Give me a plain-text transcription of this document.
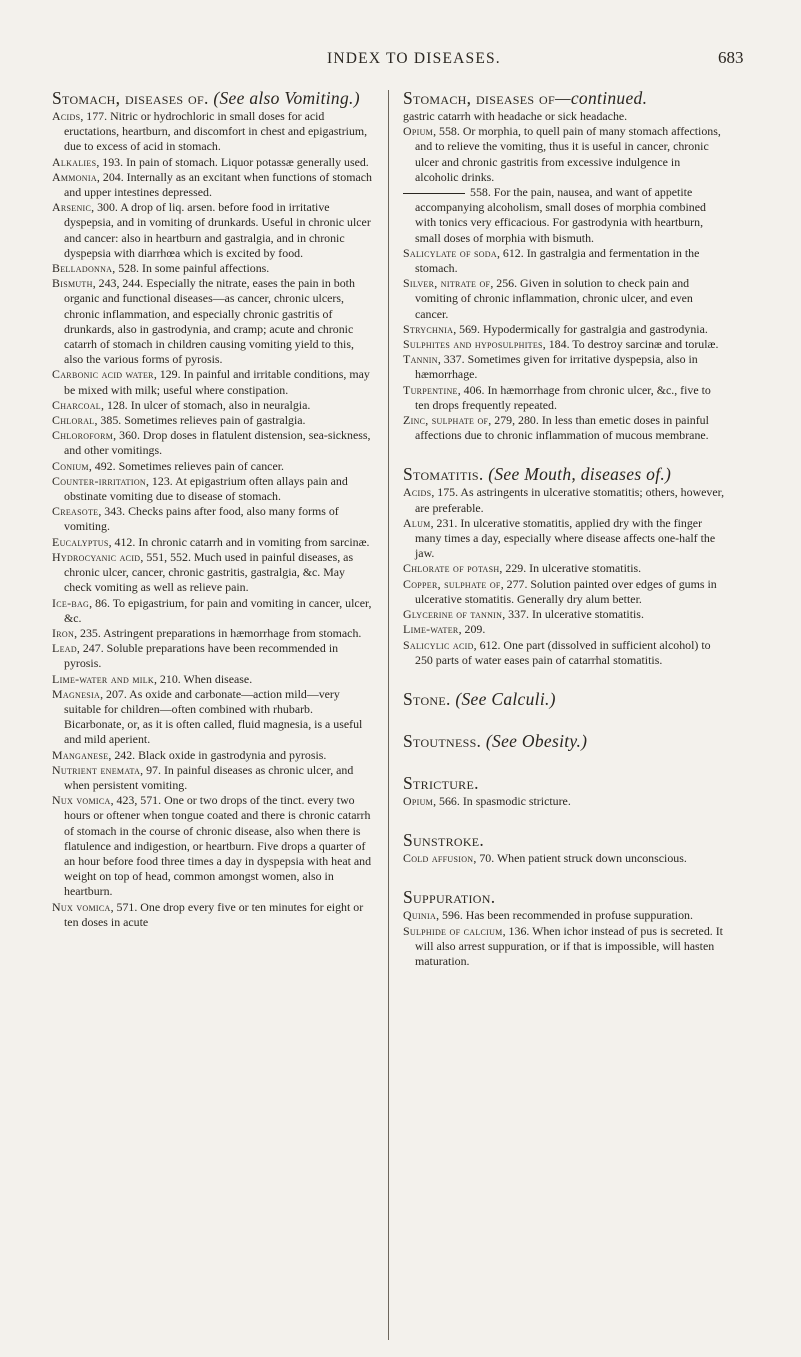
INDEX TO DISEASES.	683
Stomach, diseases of. (See also Vomiting.)
Acids, 177. Nitric or hydrochloric in small doses for acid eructations, heartburn, and discomfort in chest and epigastrium, due to excess of acid in stomach.
Alkalies, 193. In pain of stomach. Liquor potassæ generally used.
Ammonia, 204. Internally as an excitant when functions of stomach and upper intestines depressed.
Arsenic, 300. A drop of liq. arsen. before food in irritative dyspepsia, and in vomiting of drunkards. Useful in chronic ulcer and cancer: also in heartburn and gastralgia, and in chronic dyspepsia with diarrhœa which is excited by food.
Belladonna, 528. In some painful affections.
Bismuth, 243, 244. Especially the nitrate, eases the pain in both organic and functional diseases—as cancer, chronic ulcers, chronic inflammation, and especially chronic gastritis of drunkards, also in gastrodynia, and cramp; acute and chronic catarrh of stomach in children causing vomiting yield to this, also the various forms of pyrosis.
Carbonic acid water, 129. In painful and irritable conditions, may be mixed with milk; useful where constipation.
Charcoal, 128. In ulcer of stomach, also in neuralgia.
Chloral, 385. Sometimes relieves pain of gastralgia.
Chloroform, 360. Drop doses in flatulent distension, sea-sickness, and other vomitings.
Conium, 492. Sometimes relieves pain of cancer.
Counter-irritation, 123. At epigastrium often allays pain and obstinate vomiting due to disease of stomach.
Creasote, 343. Checks pains after food, also many forms of vomiting.
Eucalyptus, 412. In chronic catarrh and in vomiting from sarcinæ.
Hydrocyanic acid, 551, 552. Much used in painful diseases, as chronic ulcer, cancer, chronic gastritis, gastralgia, &c. May check vomiting as well as relieve pain.
Ice-bag, 86. To epigastrium, for pain and vomiting in cancer, ulcer, &c.
Iron, 235. Astringent preparations in hæmorrhage from stomach.
Lead, 247. Soluble preparations have been recommended in pyrosis.
Lime-water and milk, 210. When disease.
Magnesia, 207. As oxide and carbonate—action mild—very suitable for children—often combined with rhubarb.
Bicarbonate, or, as it is often called, fluid magnesia, is a useful and mild aperient.
Manganese, 242. Black oxide in gastrodynia and pyrosis.
Nutrient enemata, 97. In painful diseases as chronic ulcer, and when persistent vomiting.
Nux vomica, 423, 571. One or two drops of the tinct. every two hours or oftener when tongue coated and there is chronic catarrh of stomach in the course of chronic disease, also when there is flatulence and indigestion, or heartburn. Five drops a quarter of an hour before food three times a day in dyspepsia with heat and weight on top of head, common amongst women, also in heartburn.
Nux vomica, 571. One drop every five or ten minutes for eight or ten doses in acute
Stomach, diseases of—continued.
gastric catarrh with headache or sick headache.
Opium, 558. Or morphia, to quell pain of many stomach affections, and to relieve the vomiting, thus it is useful in cancer, chronic ulcer and chronic gastritis from excessive indulgence in alcoholic drinks.
558. For the pain, nausea, and want of appetite accompanying alcoholism, small doses of morphia combined with tonics very efficacious. For gastrodynia with heartburn, small doses of morphia with bismuth.
Salicylate of soda, 612. In gastralgia and fermentation in the stomach.
Silver, nitrate of, 256. Given in solution to check pain and vomiting of chronic inflammation, chronic ulcer, and even cancer.
Strychnia, 569. Hypodermically for gastralgia and gastrodynia.
Sulphites and hyposulphites, 184. To destroy sarcinæ and torulæ.
Tannin, 337. Sometimes given for irritative dyspepsia, also in hæmorrhage.
Turpentine, 406. In hæmorrhage from chronic ulcer, &c., five to ten drops frequently repeated.
Zinc, sulphate of, 279, 280. In less than emetic doses in painful affections due to chronic inflammation of mucous membrane.
Stomatitis. (See Mouth, diseases of.)
Acids, 175. As astringents in ulcerative stomatitis; others, however, are preferable.
Alum, 231. In ulcerative stomatitis, applied dry with the finger many times a day, especially where disease affects one-half the jaw.
Chlorate of potash, 229. In ulcerative stomatitis.
Copper, sulphate of, 277. Solution painted over edges of gums in ulcerative stomatitis. Generally dry alum better.
Glycerine of tannin, 337. In ulcerative stomatitis.
Lime-water, 209.
Salicylic acid, 612. One part (dissolved in sufficient alcohol) to 250 parts of water eases pain of catarrhal stomatitis.
Stone. (See Calculi.)
Stoutness. (See Obesity.)
Stricture.
Opium, 566. In spasmodic stricture.
Sunstroke.
Cold affusion, 70. When patient struck down unconscious.
Suppuration.
Quinia, 596. Has been recommended in profuse suppuration.
Sulphide of calcium, 136. When ichor instead of pus is secreted. It will also arrest suppuration, or if that is impossible, will hasten maturation.
